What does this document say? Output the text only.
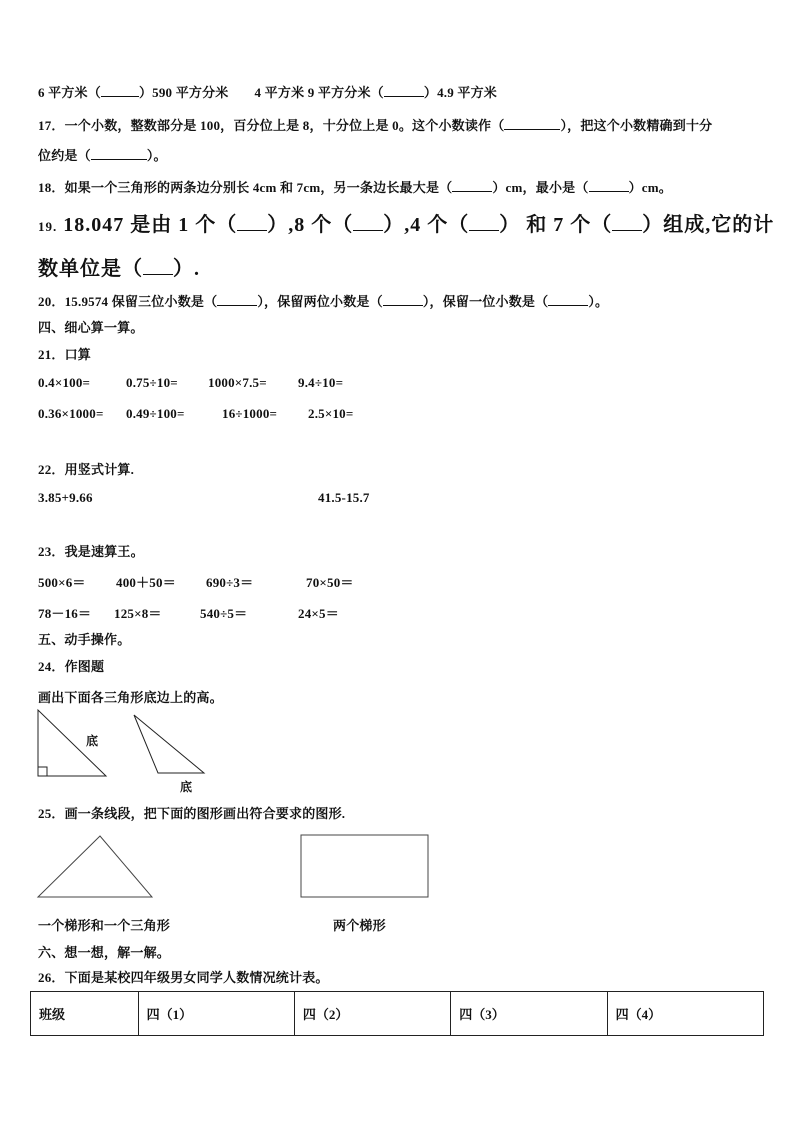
6 平方米（	）590 平方分米 4 平方米 9 平方分米（	）4.9 平方米
17．一个小数，整数部分是 100，百分位上是 8，十分位上是 0。这个小数读作（	），把这个小数精确到十分
位约是（	）。
18．如果一个三角形的两条边分别长 4cm 和 7cm，另一条边长最大是（	）cm，最小是（	）cm。
19. 18.047 是由 1 个（ ）,8 个（ ）,4 个（ ） 和 7 个（ ）组成,它的计
数单位是（ ）.
20．15.9574 保留三位小数是（	），保留两位小数是（	），保留一位小数是（	）。
四、细心算一算。
21．口算
0.4×100=	0.75÷10= 1000×7.5= 9.4÷10=
0.36×1000= 0.49÷100=	16÷1000= 2.5×10=
22．用竖式计算.
3.85+9.66	41.5-15.7
23．我是速算王。
500×6＝ 400＋50＝ 690÷3＝	70×50＝
78－16＝ 125×8＝	540÷5＝	24×5＝
五、动手操作。
24．作图题
画出下面各三角形底边上的高。
底
底
25．画一条线段，把下面的图形画出符合要求的图形.
一个梯形和一个三角形	两个梯形
六、想一想，解一解。
26．下面是某校四年级男女同学人数情况统计表。
班级	四（1）	四（2）	四（3）	四（4）
